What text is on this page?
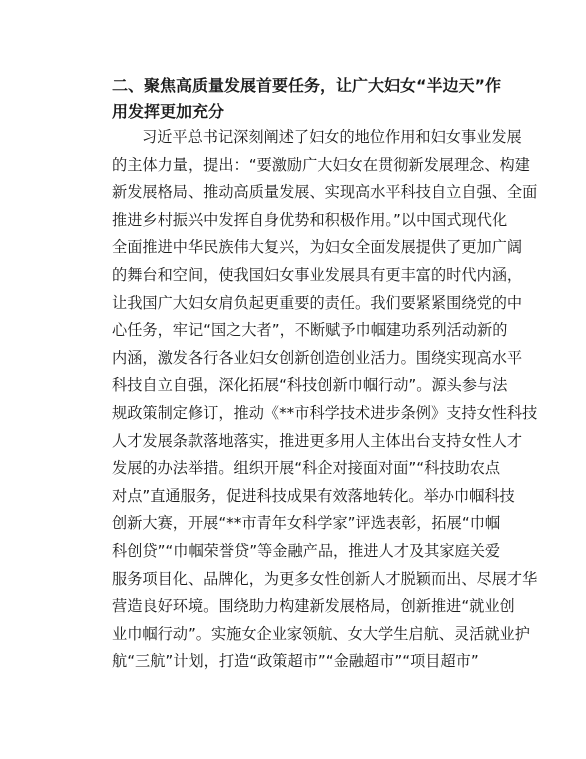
二、聚焦高质量发展首要任务，让广大妇女“半边天”作
用发挥更加充分
习近平总书记深刻阐述了妇女的地位作用和妇女事业发展
的主体力量，提出：“要激励广大妇女在贯彻新发展理念、构建
新发展格局、推动高质量发展、实现高水平科技自立自强、全面
推进乡村振兴中发挥自身优势和积极作用。”以中国式现代化
全面推进中华民族伟大复兴，为妇女全面发展提供了更加广阔
的舞台和空间，使我国妇女事业发展具有更丰富的时代内涵，
让我国广大妇女肩负起更重要的责任。我们要紧紧围绕党的中
心任务，牢记“国之大者”，不断赋予巾帼建功系列活动新的
内涵，激发各行各业妇女创新创造创业活力。围绕实现高水平
科技自立自强，深化拓展“科技创新巾帼行动”。源头参与法
规政策制定修订，推动《**市科学技术进步条例》支持女性科技
人才发展条款落地落实，推进更多用人主体出台支持女性人才
发展的办法举措。组织开展“科企对接面对面”“科技助农点
对点”直通服务，促进科技成果有效落地转化。举办巾帼科技
创新大赛，开展“**市青年女科学家”评选表彰，拓展“巾帼
科创贷”“巾帼荣誉贷”等金融产品，推进人才及其家庭关爱
服务项目化、品牌化，为更多女性创新人才脱颖而出、尽展才华
营造良好环境。围绕助力构建新发展格局，创新推进“就业创
业巾帼行动”。实施女企业家领航、女大学生启航、灵活就业护
航“三航”计划，打造“政策超市”“金融超市”“项目超市”
